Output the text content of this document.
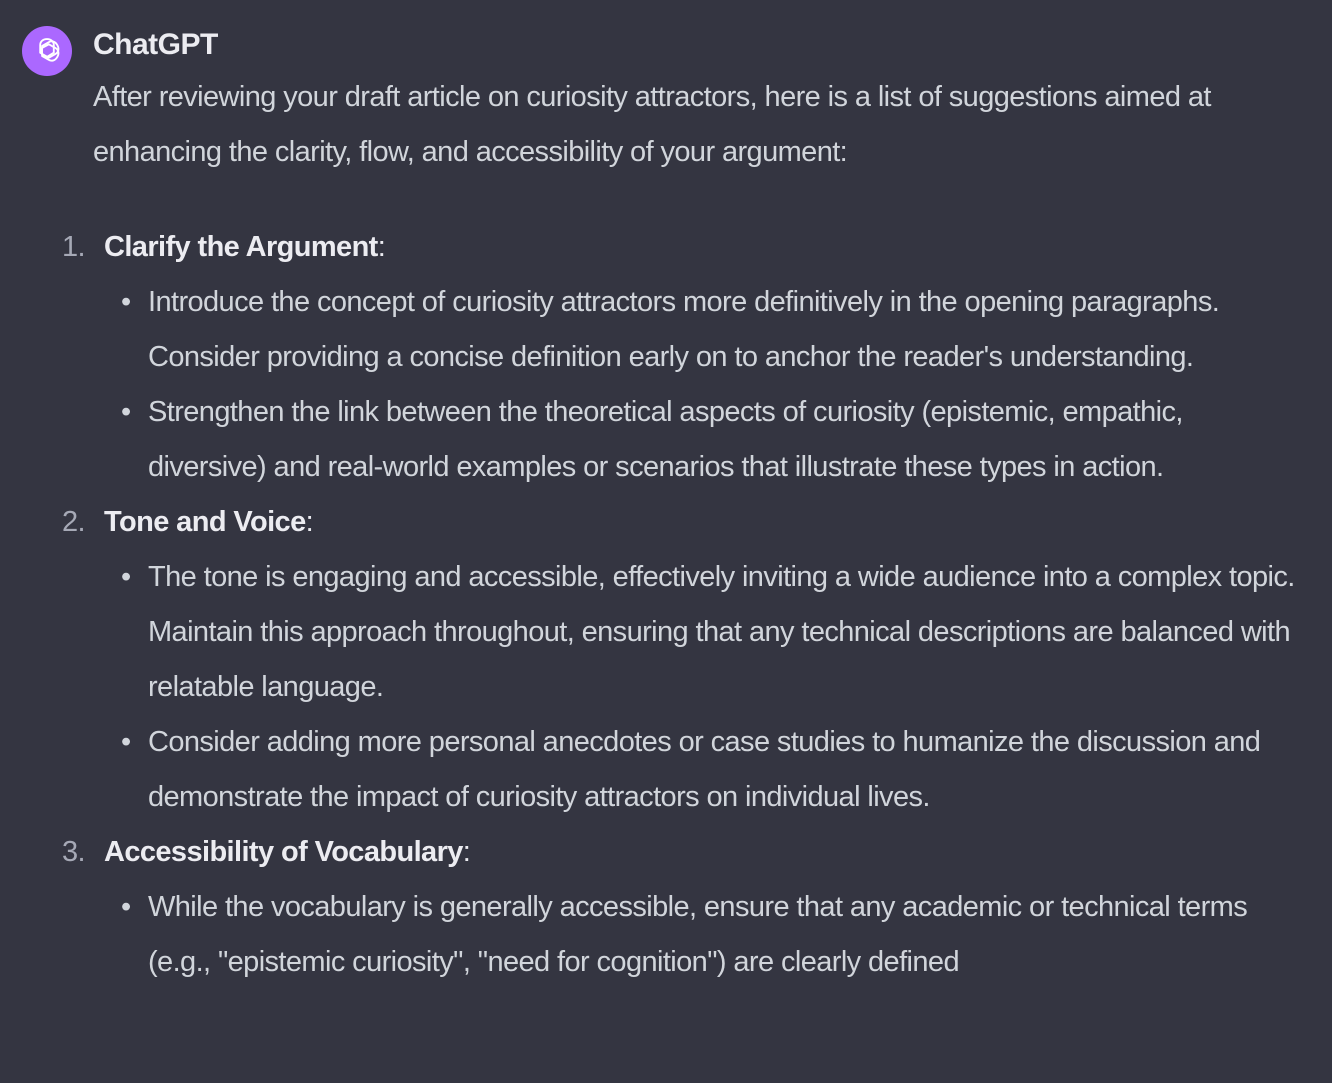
ChatGPT

After reviewing your draft article on curiosity attractors, here is a list of suggestions aimed at enhancing the clarity, flow, and accessibility of your argument:

1. Clarify the Argument :
• Introduce the concept of curiosity attractors more definitively in the opening paragraphs. Consider providing a concise definition early on to anchor the reader's understanding.
• Strengthen the link between the theoretical aspects of curiosity (epistemic, empathic, diversive) and real-world examples or scenarios that illustrate these types in action.
2. Tone and Voice :
• The tone is engaging and accessible, effectively inviting a wide audience into a complex topic. Maintain this approach throughout, ensuring that any technical descriptions are balanced with relatable language.
• Consider adding more personal anecdotes or case studies to humanize the discussion and demonstrate the impact of curiosity attractors on individual lives.
3. Accessibility of Vocabulary :
• While the vocabulary is generally accessible, ensure that any academic or technical terms (e.g., "epistemic curiosity", "need for cognition") are clearly defined
